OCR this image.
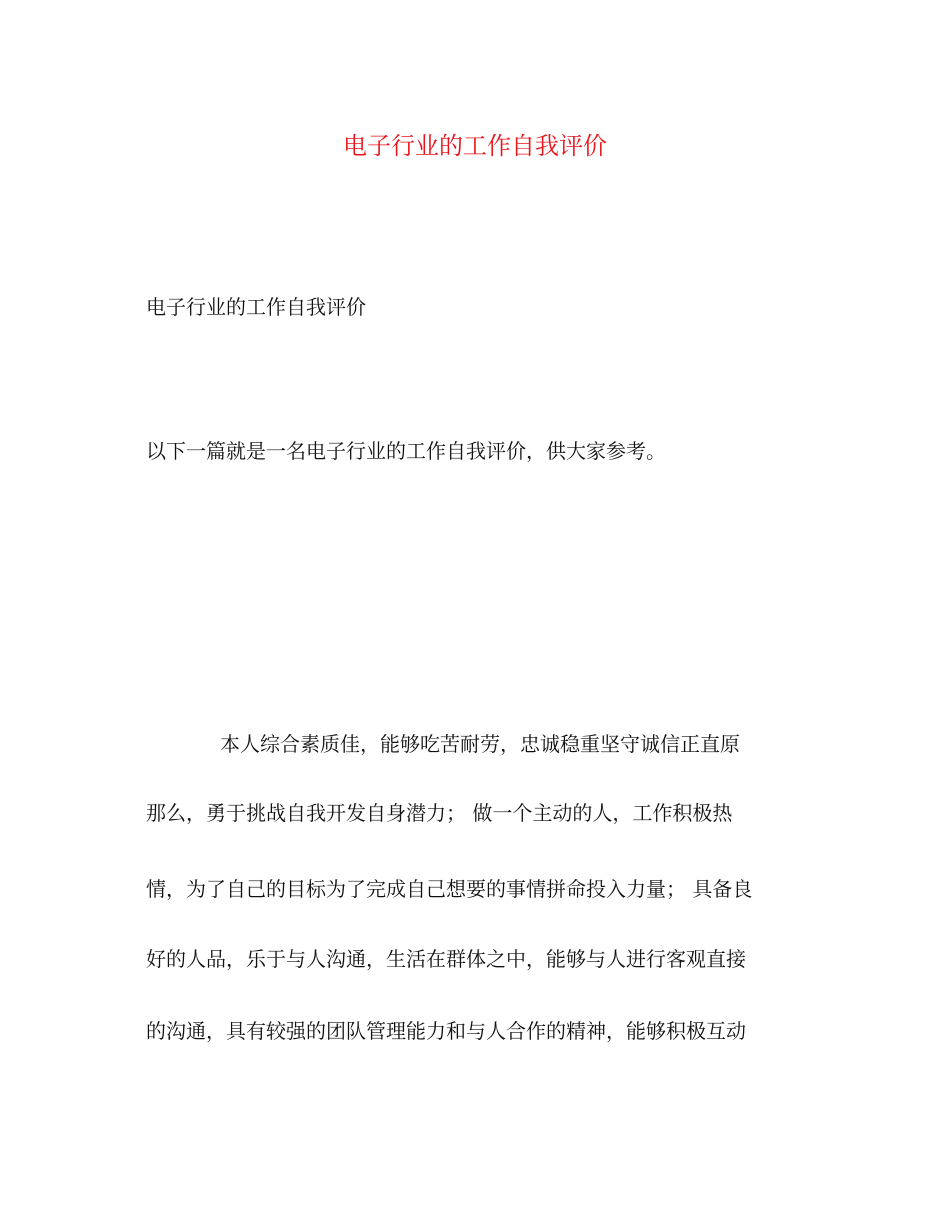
电子行业的工作自我评价
电子行业的工作自我评价
以下一篇就是一名电子行业的工作自我评价，供大家参考。
本人综合素质佳，能够吃苦耐劳，忠诚稳重坚守诚信正直原
那么，勇于挑战自我开发自身潜力； 做一个主动的人，工作积极热
情，为了自己的目标为了完成自己想要的事情拼命投入力量； 具备良
好的人品，乐于与人沟通，生活在群体之中，能够与人进行客观直接
的沟通，具有较强的团队管理能力和与人合作的精神，能够积极互动
